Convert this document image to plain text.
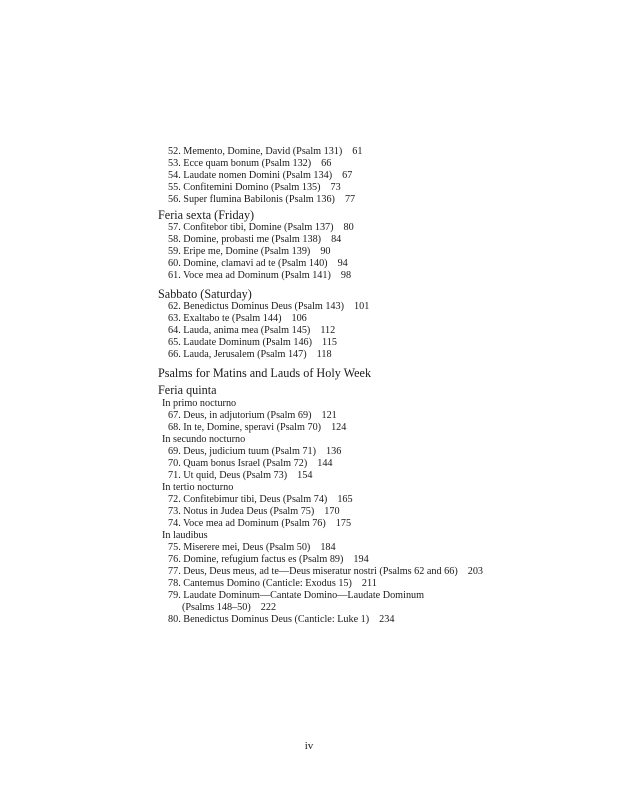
52. Memento, Domine, David (Psalm 131) 61
53. Ecce quam bonum (Psalm 132) 66
54. Laudate nomen Domini (Psalm 134) 67
55. Confitemini Domino (Psalm 135) 73
56. Super flumina Babilonis (Psalm 136) 77
Feria sexta (Friday)
57. Confitebor tibi, Domine (Psalm 137) 80
58. Domine, probasti me (Psalm 138) 84
59. Eripe me, Domine (Psalm 139) 90
60. Domine, clamavi ad te (Psalm 140) 94
61. Voce mea ad Dominum (Psalm 141) 98
Sabbato (Saturday)
62. Benedictus Dominus Deus (Psalm 143) 101
63. Exaltabo te (Psalm 144) 106
64. Lauda, anima mea (Psalm 145) 112
65. Laudate Dominum (Psalm 146) 115
66. Lauda, Jerusalem (Psalm 147) 118
Psalms for Matins and Lauds of Holy Week
Feria quinta
In primo nocturno
67. Deus, in adjutorium (Psalm 69) 121
68. In te, Domine, speravi (Psalm 70) 124
In secundo nocturno
69. Deus, judicium tuum (Psalm 71) 136
70. Quam bonus Israel (Psalm 72) 144
71. Ut quid, Deus (Psalm 73) 154
In tertio nocturno
72. Confitebimur tibi, Deus (Psalm 74) 165
73. Notus in Judea Deus (Psalm 75) 170
74. Voce mea ad Dominum (Psalm 76) 175
In laudibus
75. Miserere mei, Deus (Psalm 50) 184
76. Domine, refugium factus es (Psalm 89) 194
77. Deus, Deus meus, ad te—Deus miseratur nostri (Psalms 62 and 66) 203
78. Cantemus Domino (Canticle: Exodus 15) 211
79. Laudate Dominum—Cantate Domino—Laudate Dominum
(Psalms 148–50) 222
80. Benedictus Dominus Deus (Canticle: Luke 1) 234
iv
